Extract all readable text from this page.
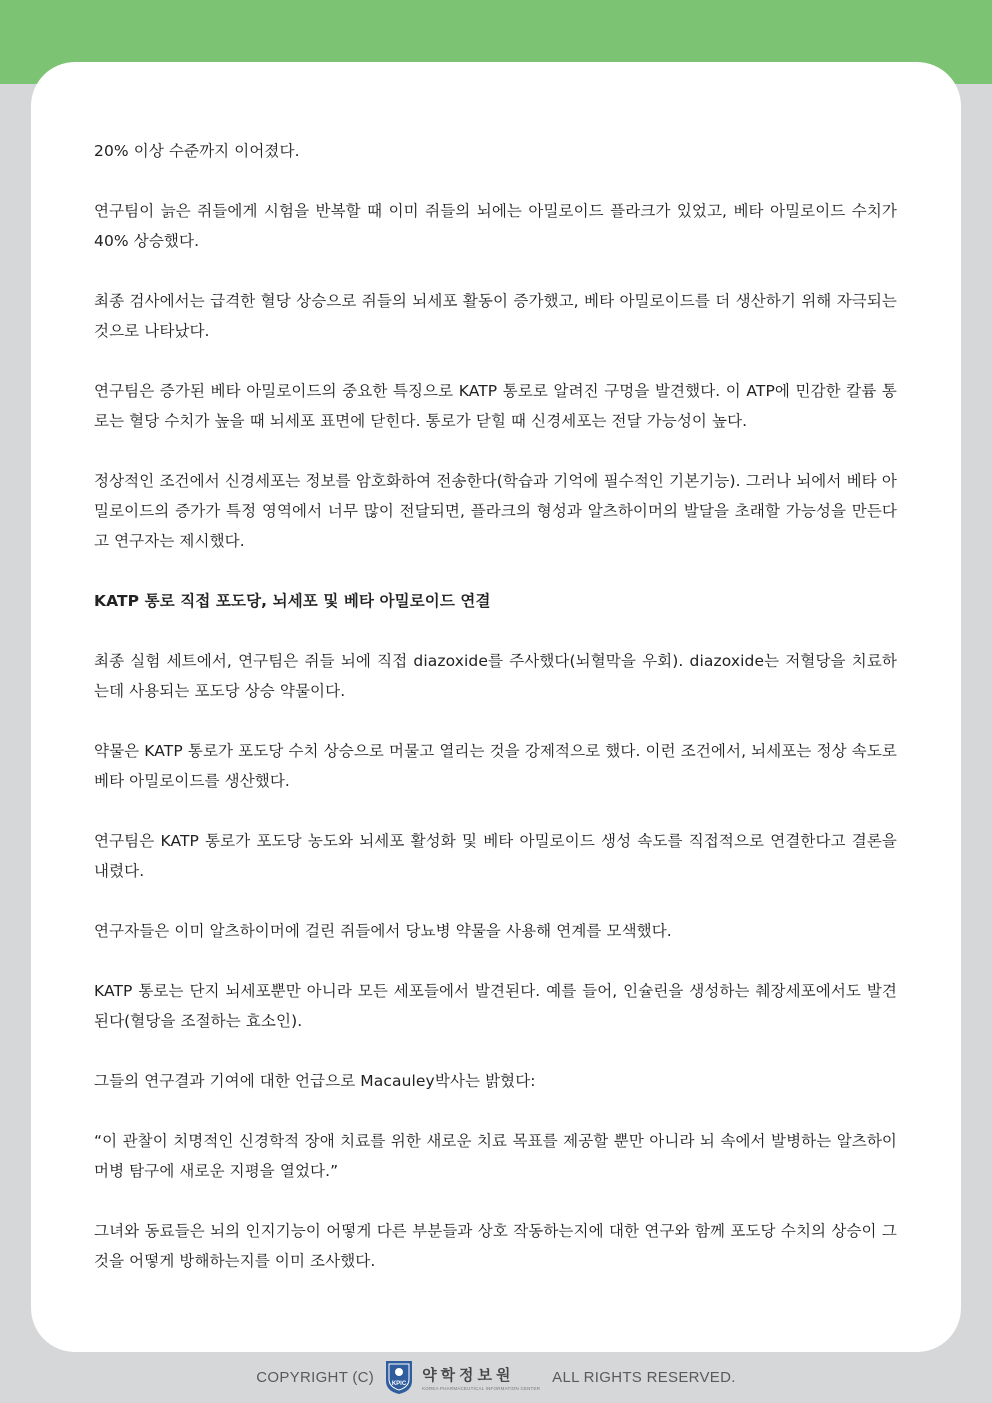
20% 이상 수준까지 이어졌다.

연구팀이 늙은 쥐들에게 시험을 반복할 때 이미 쥐들의 뇌에는 아밀로이드 플라크가 있었고, 베타 아밀로이드 수치가 40% 상승했다.

최종 검사에서는 급격한 혈당 상승으로 쥐들의 뇌세포 활동이 증가했고, 베타 아밀로이드를 더 생산하기 위해 자극되는 것으로 나타났다.

연구팀은 증가된 베타 아밀로이드의 중요한 특징으로 KATP 통로로 알려진 구멍을 발견했다. 이 ATP에 민감한 칼륨 통로는 혈당 수치가 높을 때 뇌세포 표면에 닫힌다. 통로가 닫힐 때 신경세포는 전달 가능성이 높다.

정상적인 조건에서 신경세포는 정보를 암호화하여 전송한다(학습과 기억에 필수적인 기본기능). 그러나 뇌에서 베타 아밀로이드의 증가가 특정 영역에서 너무 많이 전달되면, 플라크의 형성과 알츠하이머의 발달을 초래할 가능성을 만든다고 연구자는 제시했다.

KATP 통로 직접 포도당, 뇌세포 및 베타 아밀로이드 연결

최종 실험 세트에서, 연구팀은 쥐들 뇌에 직접 diazoxide를 주사했다(뇌혈막을 우회). diazoxide는 저혈당을 치료하는데 사용되는 포도당 상승 약물이다.

약물은 KATP 통로가 포도당 수치 상승으로 머물고 열리는 것을 강제적으로 했다. 이런 조건에서, 뇌세포는 정상 속도로 베타 아밀로이드를 생산했다.

연구팀은 KATP 통로가 포도당 농도와 뇌세포 활성화 및 베타 아밀로이드 생성 속도를 직접적으로 연결한다고 결론을 내렸다.

연구자들은 이미 알츠하이머에 걸린 쥐들에서 당뇨병 약물을 사용해 연계를 모색했다.

KATP 통로는 단지 뇌세포뿐만 아니라 모든 세포들에서 발견된다. 예를 들어, 인슐린을 생성하는 췌장세포에서도 발견된다(혈당을 조절하는 효소인).

그들의 연구결과 기여에 대한 언급으로 Macauley박사는 밝혔다:

“이 관찰이 치명적인 신경학적 장애 치료를 위한 새로운 치료 목표를 제공할 뿐만 아니라 뇌 속에서 발병하는 알츠하이머병 탐구에 새로운 지평을 열었다.”

그녀와 동료들은 뇌의 인지기능이 어떻게 다른 부분들과 상호 작동하는지에 대한 연구와 함께 포도당 수치의 상승이 그것을 어떻게 방해하는지를 이미 조사했다.

COPYRIGHT (C)	KPIC
약학정보원
KOREA PHARMACEUTICAL INFORMATION CENTER
ALL RIGHTS RESERVED.
